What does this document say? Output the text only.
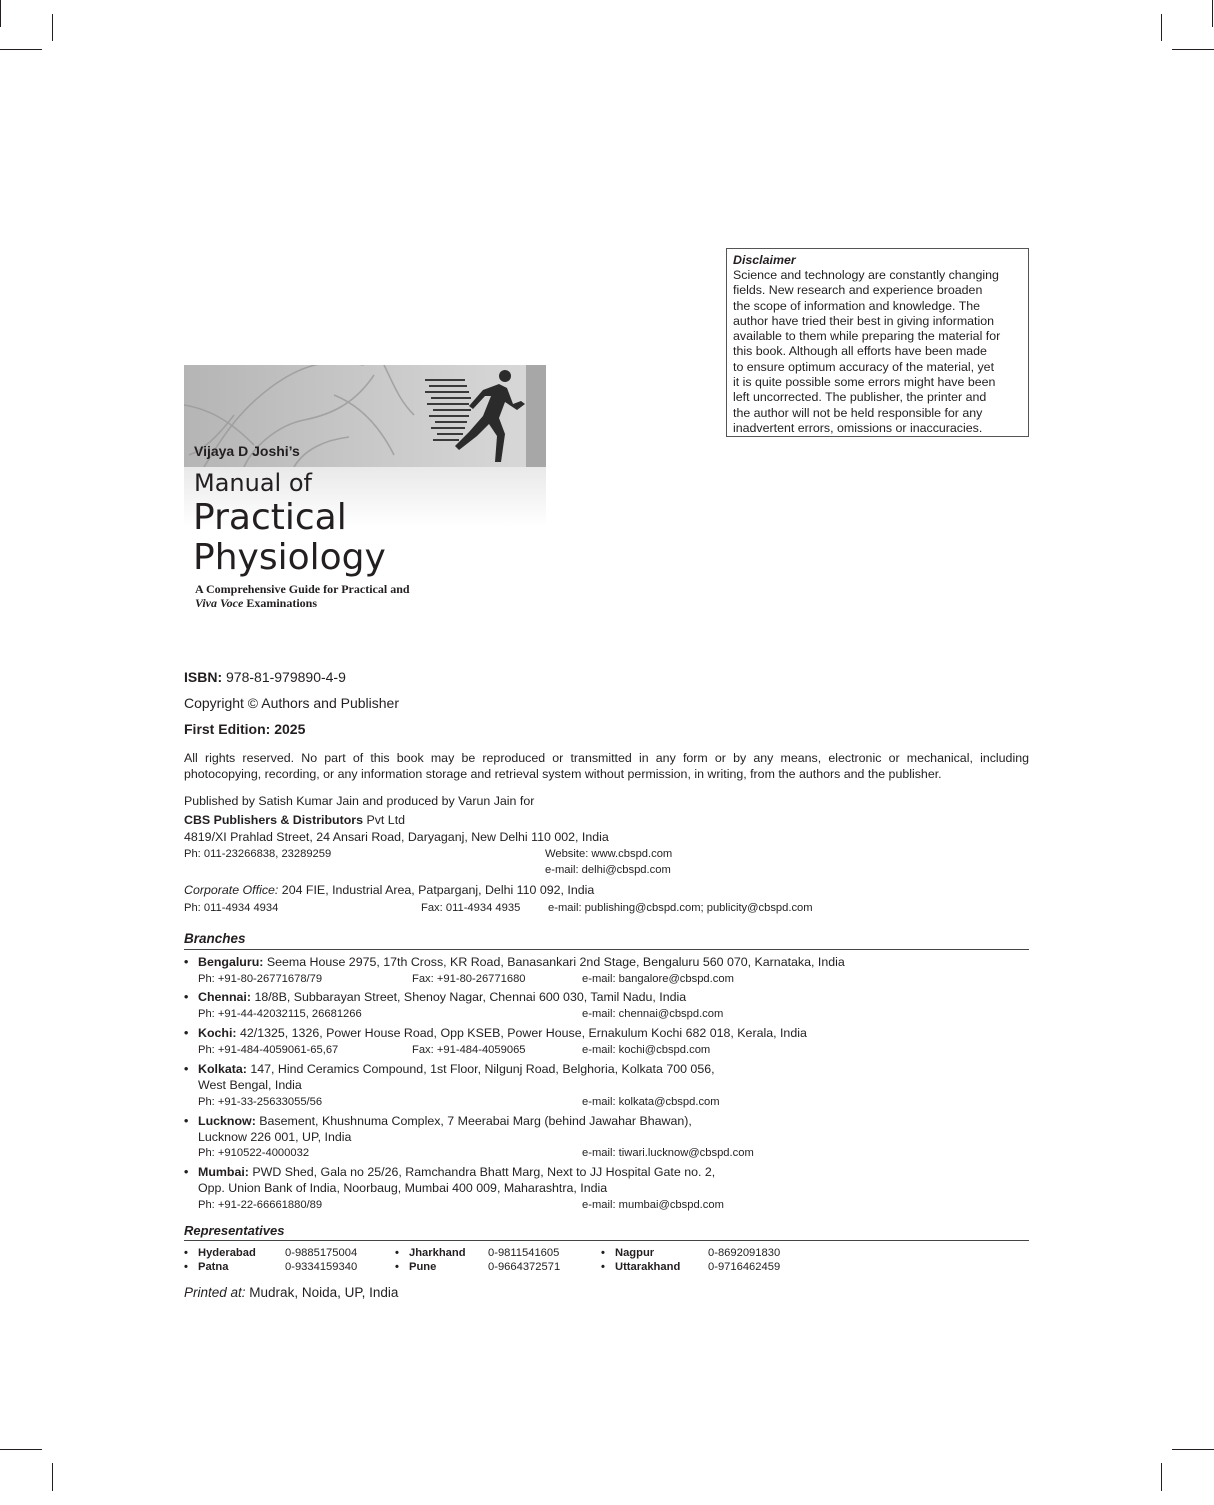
Disclaimer
Science and technology are constantly changing
fields. New research and experience broaden
the scope of information and knowledge. The
author have tried their best in giving information
available to them while preparing the material for
this book. Although all efforts have been made
to ensure optimum accuracy of the material, yet
it is quite possible some errors might have been
left uncorrected. The publisher, the printer and
the author will not be held responsible for any
inadvertent errors, omissions or inaccuracies.
Vijaya D Joshi’s
Manual of
Practical
Physiology
A Comprehensive Guide for Practical and
Viva Voce Examinations
ISBN: 978-81-979890-4-9
Copyright © Authors and Publisher
First Edition: 2025
All rights reserved. No part of this book may be reproduced or transmitted in any form or by any means, electronic or mechanical, including
photocopying, recording, or any information storage and retrieval system without permission, in writing, from the authors and the publisher.
Published by Satish Kumar Jain and produced by Varun Jain for
CBS Publishers & Distributors Pvt Ltd
4819/XI Prahlad Street, 24 Ansari Road, Daryaganj, New Delhi 110 002, India
Ph: 011-23266838, 23289259	Website: www.cbspd.com
e-mail: delhi@cbspd.com
Corporate Office: 204 FIE, Industrial Area, Patparganj, Delhi 110 092, India
Ph: 011-4934 4934	Fax: 011-4934 4935 e-mail: publishing@cbspd.com; publicity@cbspd.com
Branches
• Bengaluru: Seema House 2975, 17th Cross, KR Road, Banasankari 2nd Stage, Bengaluru 560 070, Karnataka, India
Ph: +91-80-26771678/79	Fax: +91-80-26771680	e-mail: bangalore@cbspd.com
• Chennai: 18/8B, Subbarayan Street, Shenoy Nagar, Chennai 600 030, Tamil Nadu, India
Ph: +91-44-42032115, 26681266	e-mail: chennai@cbspd.com
• Kochi: 42/1325, 1326, Power House Road, Opp KSEB, Power House, Ernakulum Kochi 682 018, Kerala, India
Ph: +91-484-4059061-65,67	Fax: +91-484-4059065	e-mail: kochi@cbspd.com
• Kolkata: 147, Hind Ceramics Compound, 1st Floor, Nilgunj Road, Belghoria, Kolkata 700 056,
West Bengal, India
Ph: +91-33-25633055/56	e-mail: kolkata@cbspd.com
• Lucknow: Basement, Khushnuma Complex, 7 Meerabai Marg (behind Jawahar Bhawan),
Lucknow 226 001, UP, India
Ph: +910522-4000032	e-mail: tiwari.lucknow@cbspd.com
• Mumbai: PWD Shed, Gala no 25/26, Ramchandra Bhatt Marg, Next to JJ Hospital Gate no. 2,
Opp. Union Bank of India, Noorbaug, Mumbai 400 009, Maharashtra, India
Ph: +91-22-66661880/89	e-mail: mumbai@cbspd.com
Representatives
• Hyderabad	0-9885175004	• Jharkhand 0-9811541605	• Nagpur	0-8692091830
• Patna	0-9334159340	• Pune	0-9664372571	• Uttarakhand 0-9716462459
Printed at: Mudrak, Noida, UP, India
